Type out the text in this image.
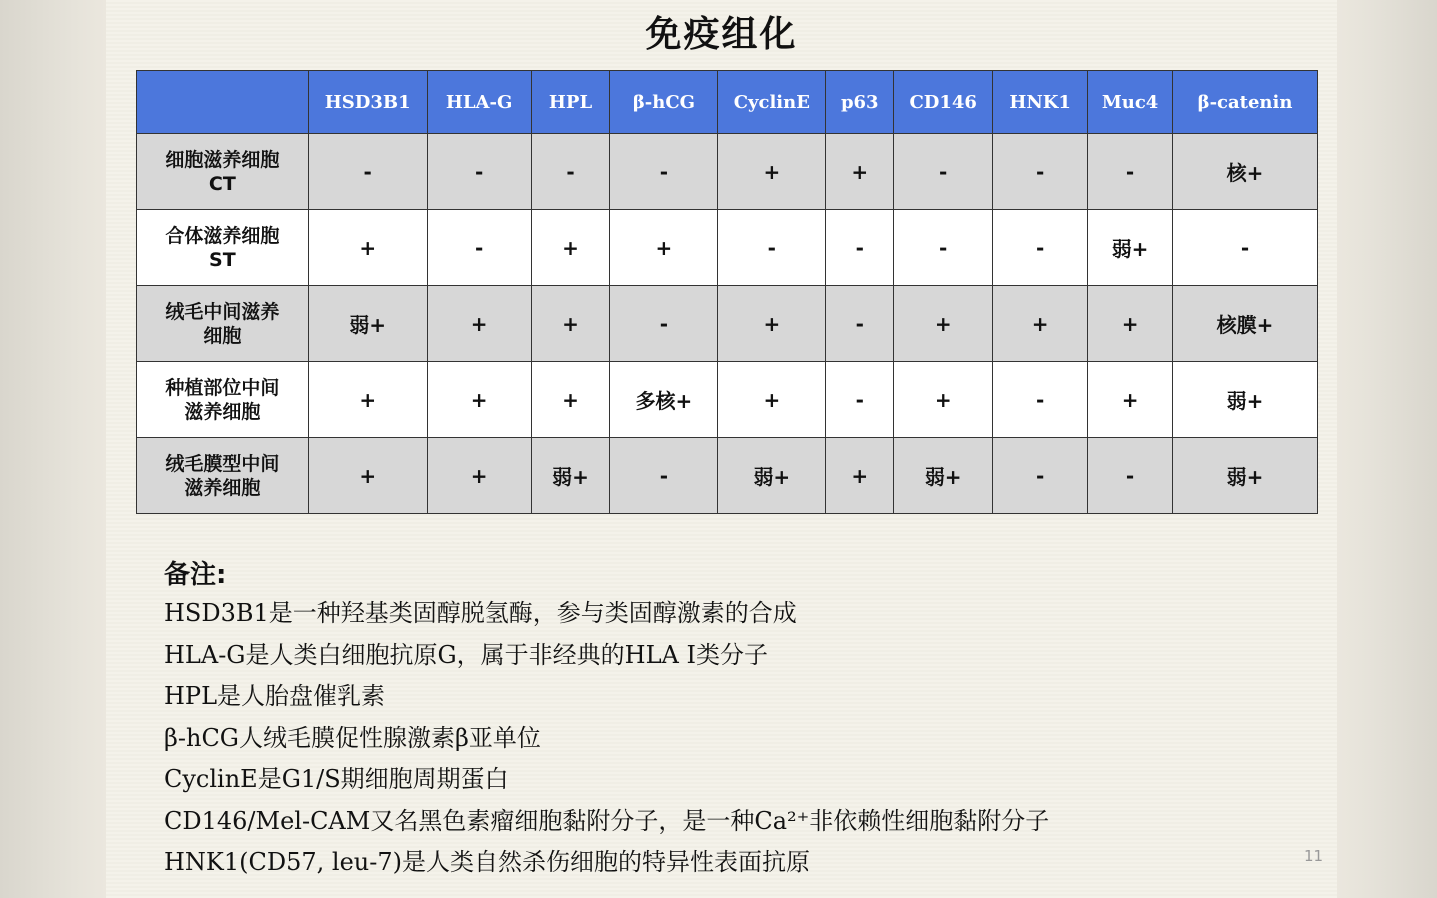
免疫组化
	HSD3B1	HLA-G	HPL	β-hCG	CyclinE	p63	CD146	HNK1	Muc4	β-catenin
细胞滋养细胞
CT	-	-	-	-	+	+	-	-	-	核+
合体滋养细胞
ST	+	-	+	+	-	-	-	-	弱+	-
绒毛中间滋养
细胞	弱+	+	+	-	+	-	+	+	+	核膜+
种植部位中间
滋养细胞	+	+	+	多核+	+	-	+	-	+	弱+
绒毛膜型中间
滋养细胞	+	+	弱+	-	弱+	+	弱+	-	-	弱+
备注:
HSD3B1是一种羟基类固醇脱氢酶，参与类固醇激素的合成
HLA-G是人类白细胞抗原G，属于非经典的HLA Ⅰ类分子
HPL是人胎盘催乳素
β-hCG人绒毛膜促性腺激素β亚单位
CyclinE是G1/S期细胞周期蛋白
CD146/Mel-CAM又名黑色素瘤细胞黏附分子，是一种Ca²⁺非依赖性细胞黏附分子
HNK1(CD57, leu-7)是人类自然杀伤细胞的特异性表面抗原	11
